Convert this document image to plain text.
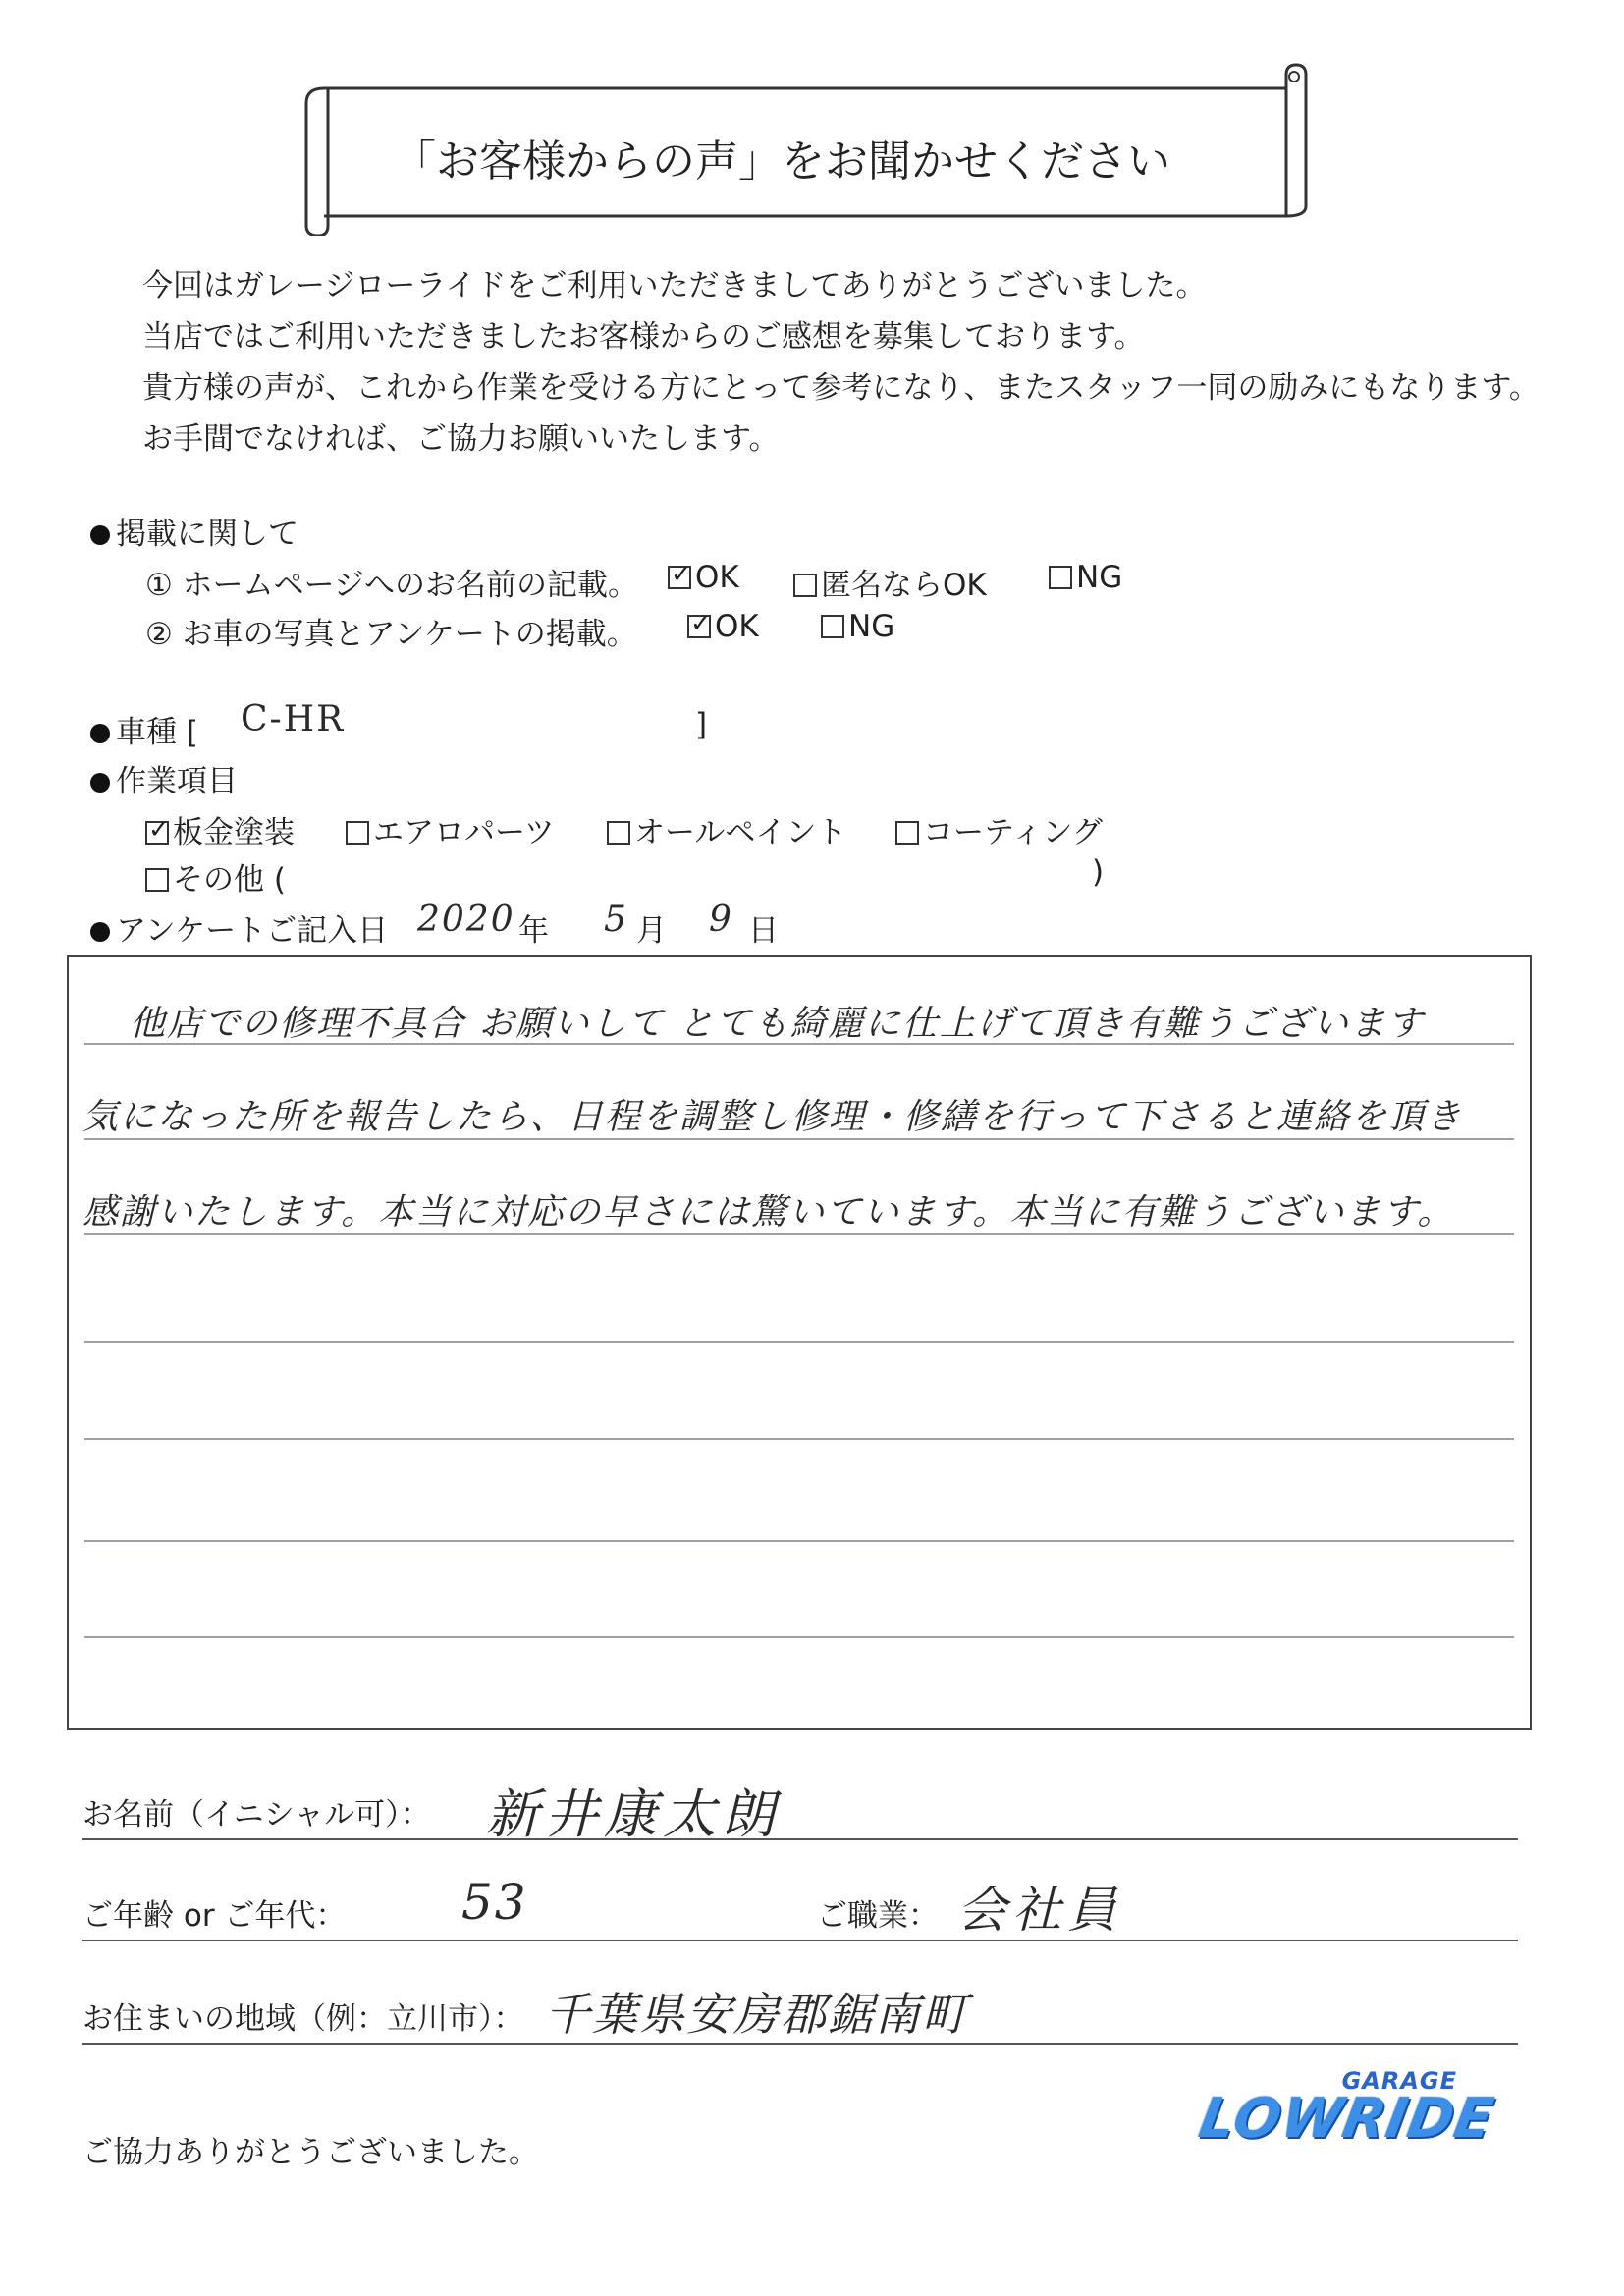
「お客様からの声」をお聞かせください
今回はガレージローライドをご利用いただきましてありがとうございました。
当店ではご利用いただきましたお客様からのご感想を募集しております。
貴方様の声が、これから作業を受ける方にとって参考になり、またスタッフ一同の励みにもなります。
お手間でなければ、ご協力お願いいたします。
掲載に関して
① ホームページへのお名前の記載。 ✓	OK	匿名ならOK	NG
② お車の写真とアンケートの掲載。 ✓	OK	NG
車種 [ C-HR	]
作業項目
✓板金塗装	エアロパーツ	オールペイント	コーティング
その他 (	)
アンケートご記入日 2020 年 5 月 9 日
他店での修理不具合 お願いして とても綺麗に仕上げて頂き有難うございます
気になった所を報告したら、日程を調整し修理・修繕を行って下さると連絡を頂き
感謝いたします。本当に対応の早さには驚いています。本当に有難うございます。
お名前（イニシャル可）： 新井康太朗
ご年齢 or ご年代： 53	ご職業： 会社員
お住まいの地域（例：立川市）： 千葉県安房郡鋸南町
ご協力ありがとうございました。
GARAGE
LOWRIDE
